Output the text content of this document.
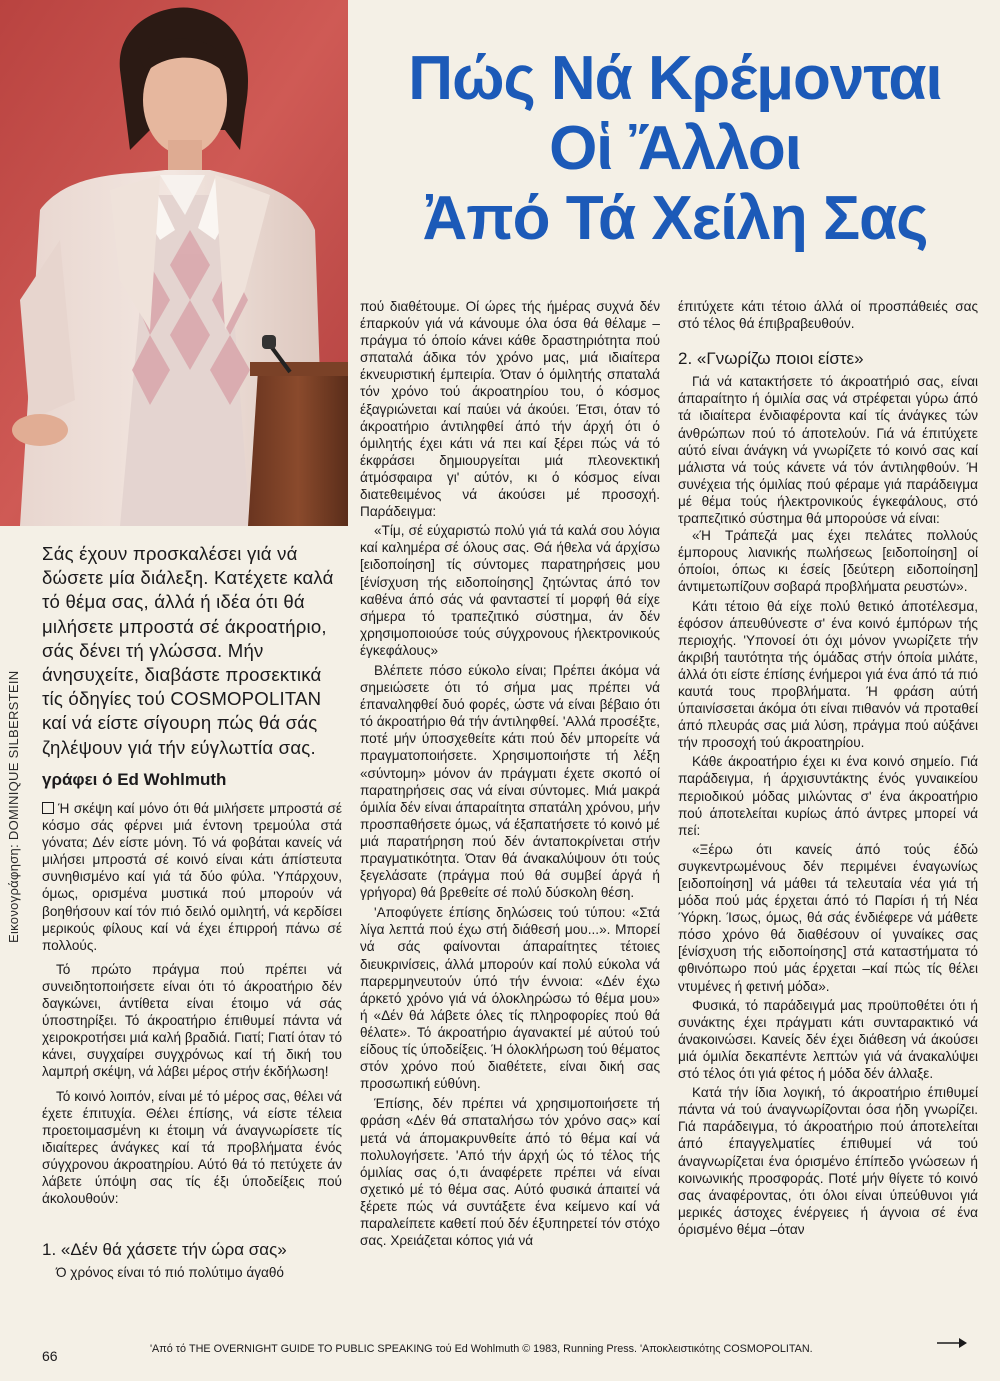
Πώς Νά Κρέμονται
Οἱ Ἄλλοι
Ἀπό Τά Χείλη Σας
Εικονογράφηση: DOMINIQUE SILBERSTEIN

Σάς έχουν προσκαλέσει γιά νά δώσετε μία διάλεξη. Κατέχετε καλά τό θέμα σας, άλλά ή ιδέα ότι θά μιλήσετε μπροστά σέ άκροατήριο, σάς δένει τή γλώσσα. Μήν άνησυχείτε, διαβάστε προσεκτικά τίς όδηγίες τού COSMOPOLITAN καί νά είστε σίγουρη πώς θά σάς ζηλέψουν γιά τήν εύγλωττία σας.

γράφει ό Ed Wohlmuth

Ή σκέψη καί μόνο ότι θά μιλήσετε μπροστά σέ κόσμο σάς φέρνει μιά έντονη τρεμούλα στά γόνατα; Δέν είστε μόνη. Τό νά φοβάται κανείς νά μιλήσει μπροστά σέ κοινό είναι κάτι άπίστευτα συνηθισμένο καί γιά τά δύο φύλα. 'Υπάρχουν, όμως, ορισμένα μυστικά πού μπορούν νά βοηθήσουν καί τόν πιό δειλό ομιλητή, νά κερδίσει μερικούς φίλους καί νά έχει έπιρροή πάνω σέ πολλούς.

Τό πρώτο πράγμα πού πρέπει νά συνειδητοποιήσετε είναι ότι τό άκροατήριο δέν δαγκώνει, άντίθετα είναι έτοιμο νά σάς ύποστηρίξει. Τό άκροατήριο έπιθυμεί πάντα νά χειροκροτήσει μιά καλή βραδιά. Γιατί; Γιατί όταν τό κάνει, συγχαίρει συγχρόνως καί τή δική του λαμπρή σκέψη, νά λάβει μέρος στήν έκδήλωση!

Τό κοινό λοιπόν, είναι μέ τό μέρος σας, θέλει νά έχετε έπιτυχία. Θέλει έπίσης, νά είστε τέλεια προετοιμασμένη κι έτοιμη νά άναγνωρίσετε τίς ιδιαίτερες άνάγκες καί τά προβλήματα ένός σύγχρονου άκροατηρίου. Αύτό θά τό πετύχετε άν λάβετε ύπόψη σας τίς έξι ύποδείξεις πού άκολουθούν:

1. «Δέν θά χάσετε τήν ώρα σας»

Ό χρόνος είναι τό πιό πολύτιμο άγαθό

πού διαθέτουμε. Οί ώρες τής ήμέρας συχνά δέν έπαρκούν γιά νά κάνουμε όλα όσα θά θέλαμε –πράγμα τό όποίο κάνει κάθε δραστηριότητα πού σπαταλά άδικα τόν χρόνο μας, μιά ιδιαίτερα έκνευριστική έμπειρία. Όταν ό όμιλητής σπαταλά τόν χρόνο τού άκροατηρίου του, ό κόσμος έξαγριώνεται καί παύει νά άκούει. Έτσι, όταν τό άκροατήριο άντιληφθεί άπό τήν άρχή ότι ό όμιλητής έχει κάτι νά πει καί ξέρει πώς νά τό έκφράσει δημιουργείται μιά πλεονεκτική άτμόσφαιρα γι' αύτόν, κι ό κόσμος είναι διατεθειμένος νά άκούσει μέ προσοχή. Παράδειγμα:

«Τίμ, σέ εύχαριστώ πολύ γιά τά καλά σου λόγια καί καλημέρα σέ όλους σας. Θά ήθελα νά άρχίσω [ειδοποίηση] τίς σύντομες παρατηρήσεις μου [ένίσχυση τής ειδοποίησης] ζητώντας άπό τον καθένα άπό σάς νά φανταστεί τί μορφή θά είχε σήμερα τό τραπεζιτικό σύστημα, άν δέν χρησιμοποιούσε τούς σύγχρονους ήλεκτρονικούς έγκεφάλους»

Βλέπετε πόσο εύκολο είναι; Πρέπει άκόμα νά σημειώσετε ότι τό σήμα μας πρέπει νά έπαναληφθεί δυό φορές, ώστε νά είναι βέβαιο ότι τό άκροατήριο θά τήν άντιληφθεί. 'Αλλά προσέξτε, ποτέ μήν ύποσχεθείτε κάτι πού δέν μπορείτε νά πραγματοποιήσετε. Χρησιμοποιήστε τή λέξη «σύντομη» μόνον άν πράγματι έχετε σκοπό οί παρατηρήσεις σας νά είναι σύντομες. Μιά μακρά όμιλία δέν είναι άπαραίτητα σπατάλη χρόνου, μήν προσπαθήσετε όμως, νά έξαπατήσετε τό κοινό μέ μιά παρατήρηση πού δέν άνταποκρίνεται στήν πραγματικότητα. Όταν θά άνακαλύψουν ότι τούς ξεγελάσατε (πράγμα πού θά συμβεί άργά ή γρήγορα) θά βρεθείτε σέ πολύ δύσκολη θέση.

'Αποφύγετε έπίσης δηλώσεις τού τύπου: «Στά λίγα λεπτά πού έχω στή διάθεσή μου...». Μπορεί νά σάς φαίνονται άπαραίτητες τέτοιες διευκρινίσεις, άλλά μπορούν καί πολύ εύκολα νά παρερμηνευτούν ύπό τήν έννοια: «Δέν έχω άρκετό χρόνο γιά νά όλοκληρώσω τό θέμα μου» ή «Δέν θά λάβετε όλες τίς πληροφορίες πού θά θέλατε». Τό άκροατήριο άγανακτεί μέ αύτού τού είδους τίς ύποδείξεις. Ή όλοκλήρωση τού θέματος στόν χρόνο πού διαθέτετε, είναι δική σας προσωπική εύθύνη.

Έπίσης, δέν πρέπει νά χρησιμοποιήσετε τή φράση «Δέν θά σπαταλήσω τόν χρόνο σας» καί μετά νά άπομακρυνθείτε άπό τό θέμα καί νά πολυλογήσετε. 'Από τήν άρχή ώς τό τέλος τής όμιλίας σας ό,τι άναφέρετε πρέπει νά είναι σχετικό μέ τό θέμα σας. Αύτό φυσικά άπαιτεί νά ξέρετε πώς νά συντάξετε ένα κείμενο καί νά παραλείπετε καθετί πού δέν έξυπηρετεί τόν στόχο σας. Χρειάζεται κόπος γιά νά

έπιτύχετε κάτι τέτοιο άλλά οί προσπάθειές σας στό τέλος θά έπιβραβευθούν.

2. «Γνωρίζω ποιοι είστε»

Γιά νά κατακτήσετε τό άκροατήριό σας, είναι άπαραίτητο ή όμιλία σας νά στρέφεται γύρω άπό τά ιδιαίτερα ένδιαφέροντα καί τίς άνάγκες τών άνθρώπων πού τό άποτελούν. Γιά νά έπιτύχετε αύτό είναι άνάγκη νά γνωρίζετε τό κοινό σας καί μάλιστα νά τούς κάνετε νά τόν άντιληφθούν. Ή συνέχεια τής όμιλίας πού φέραμε γιά παράδειγμα μέ θέμα τούς ήλεκτρονικούς έγκεφάλους, στό τραπεζιτικό σύστημα θά μπορούσε νά είναι:

«Ή Τράπεζά μας έχει πελάτες πολλούς έμπορους λιανικής πωλήσεως [ειδοποίηση] οί όποίοι, όπως κι έσείς [δεύτερη ειδοποίηση] άντιμετωπίζουν σοβαρά προβλήματα ρευστών».

Κάτι τέτοιο θά είχε πολύ θετικό άποτέλεσμα, έφόσον άπευθύνεστε σ' ένα κοινό έμπόρων τής περιοχής. 'Υπονοεί ότι όχι μόνον γνωρίζετε τήν άκριβή ταυτότητα τής όμάδας στήν όποία μιλάτε, άλλά ότι είστε έπίσης ένήμεροι γιά ένα άπό τά πιό καυτά τους προβλήματα. Ή φράση αύτή ύπαινίσσεται άκόμα ότι είναι πιθανόν νά προταθεί άπό πλευράς σας μιά λύση, πράγμα πού αύξάνει τήν προσοχή τού άκροατηρίου.

Κάθε άκροατήριο έχει κι ένα κοινό σημείο. Γιά παράδειγμα, ή άρχισυντάκτης ένός γυναικείου περιοδικού μόδας μιλώντας σ' ένα άκροατήριο πού άποτελείται κυρίως άπό άντρες μπορεί νά πεί:

«Ξέρω ότι κανείς άπό τούς έδώ συγκεντρωμένους δέν περιμένει έναγωνίως [ειδοποίηση] νά μάθει τά τελευταία νέα γιά τή μόδα πού μάς έρχεται άπό τό Παρίσι ή τή Νέα Ύόρκη. Ίσως, όμως, θά σάς ένδιέφερε νά μάθετε πόσο χρόνο θά διαθέσουν οί γυναίκες σας [ένίσχυση τής ειδοποίησης] στά καταστήματα τό φθινόπωρο πού μάς έρχεται –καί πώς τίς θέλει ντυμένες ή φετινή μόδα».

Φυσικά, τό παράδειγμά μας προϋποθέτει ότι ή συνάκτης έχει πράγματι κάτι συνταρακτικό νά άνακοινώσει. Κανείς δέν έχει διάθεση νά άκούσει μιά όμιλία δεκαπέντε λεπτών γιά νά άνακαλύψει στό τέλος ότι γιά φέτος ή μόδα δέν άλλαξε.

Κατά τήν ίδια λογική, τό άκροατήριο έπιθυμεί πάντα νά τού άναγνωρίζονται όσα ήδη γνωρίζει. Γιά παράδειγμα, τό άκροατήριο πού άποτελείται άπό έπαγγελματίες έπιθυμεί νά τού άναγνωρίζεται ένα όρισμένο έπίπεδο γνώσεων ή κοινωνικής προσφοράς. Ποτέ μήν θίγετε τό κοινό σας άναφέροντας, ότι όλοι είναι ύπεύθυνοι γιά μερικές άστοχες ένέργειες ή άγνοια σέ ένα όρισμένο θέμα –όταν

66	'Από τό THE OVERNIGHT GUIDE TO PUBLIC SPEAKING τού Ed Wohlmuth © 1983, Running Press. 'Αποκλειστικότης COSMOPOLITAN.
